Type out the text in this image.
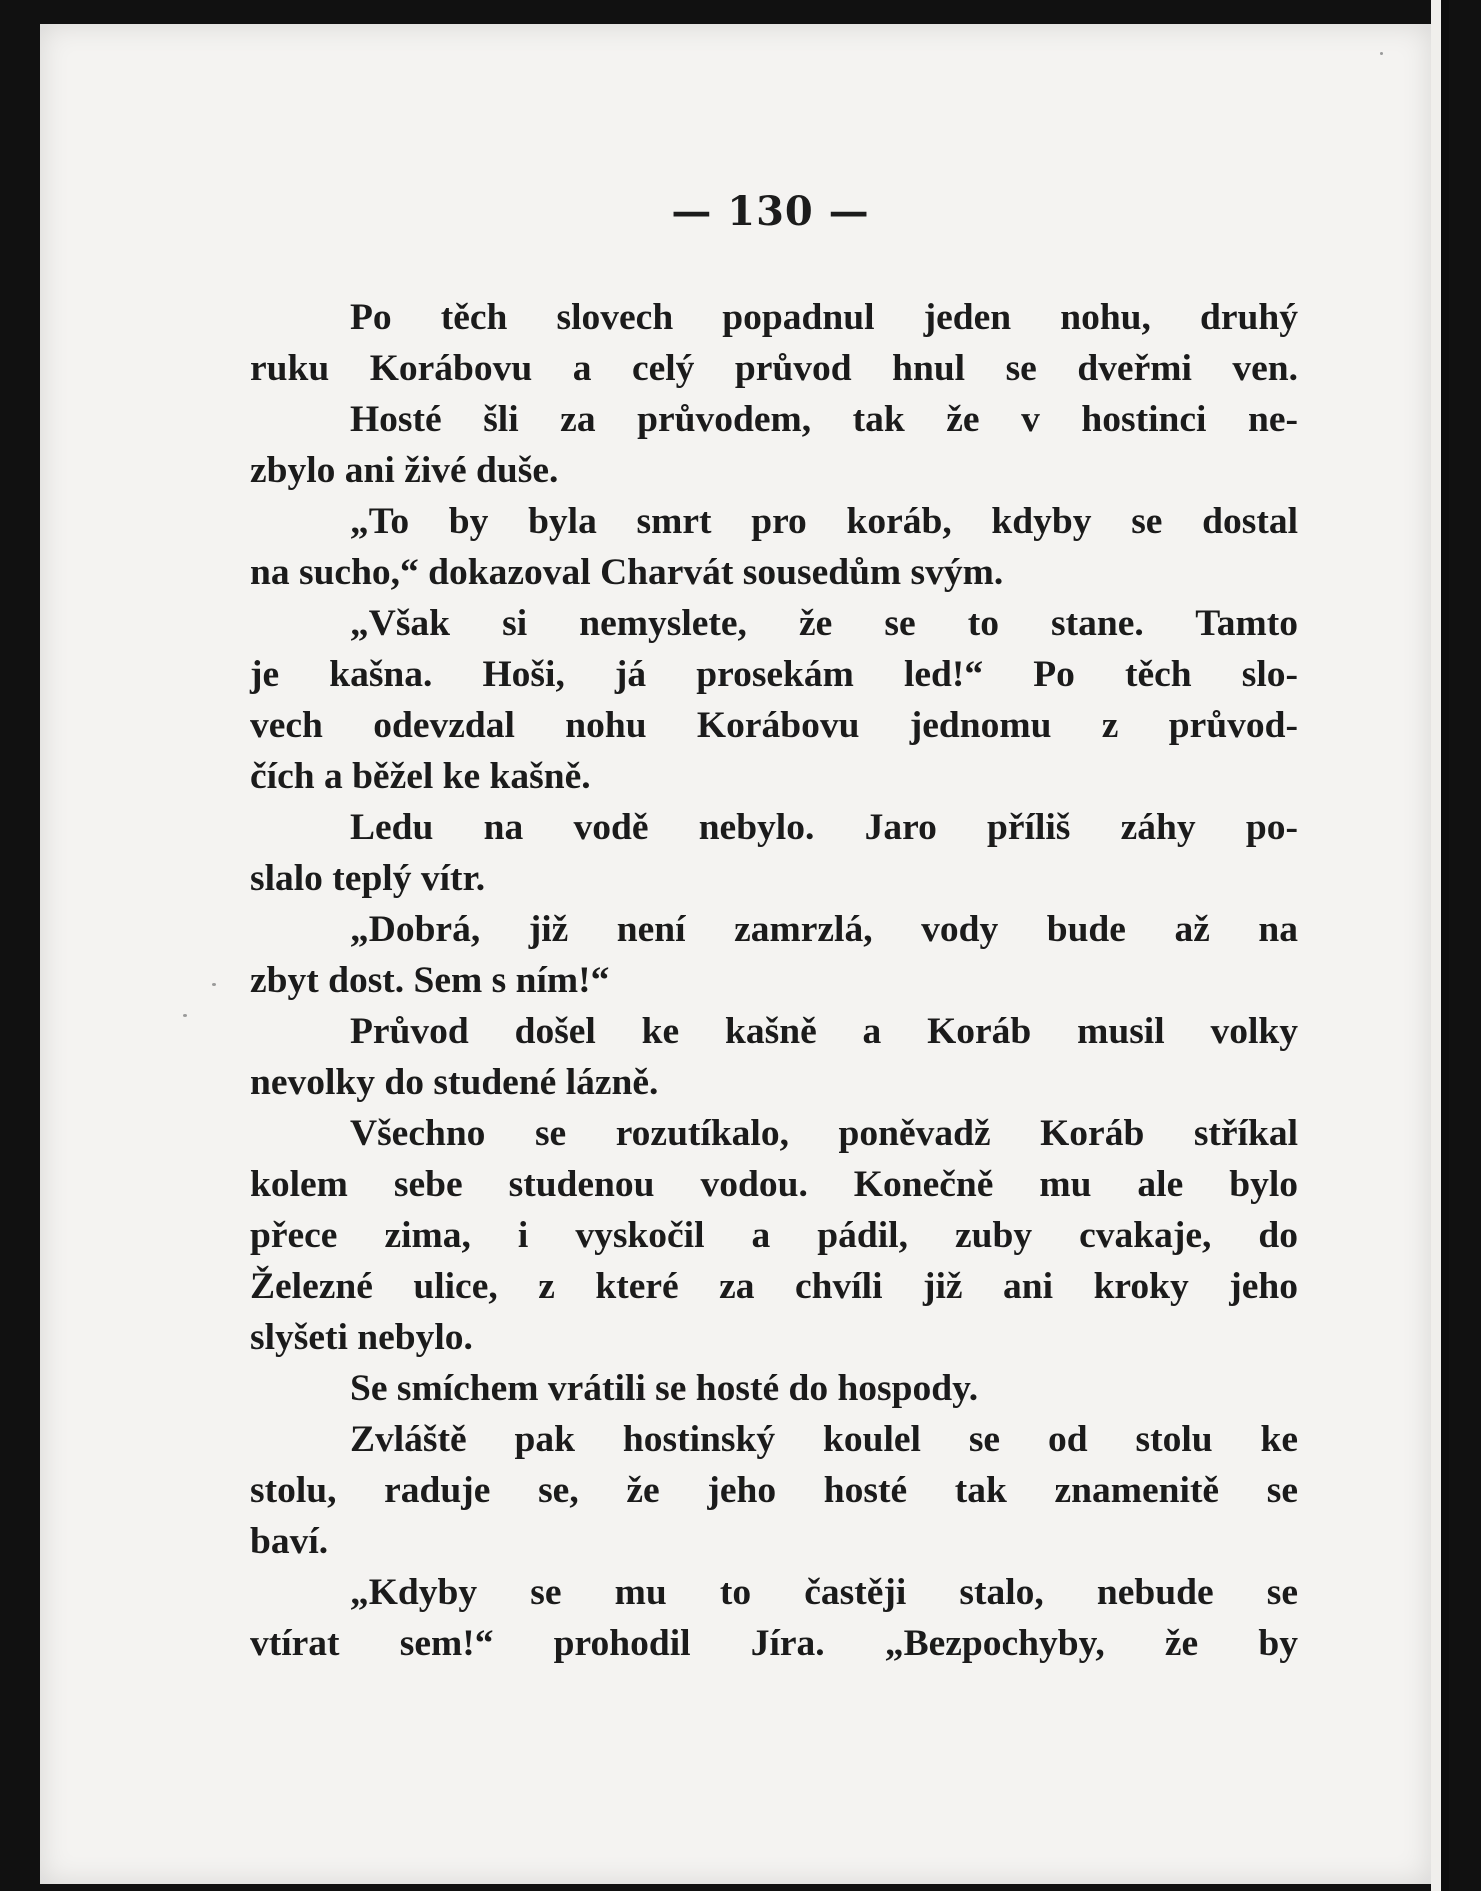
— 130 —
Po těch slovech popadnul jeden nohu, druhý
ruku Korábovu a celý průvod hnul se dveřmi ven.
Hosté šli za průvodem, tak že v hostinci ne-
zbylo ani živé duše.
„To by byla smrt pro koráb, kdyby se dostal
na sucho,“ dokazoval Charvát sousedům svým.
„Však si nemyslete, že se to stane. Tamto
je kašna. Hoši, já prosekám led!“ Po těch slo-
vech odevzdal nohu Korábovu jednomu z průvod-
čích a běžel ke kašně.
Ledu na vodě nebylo. Jaro příliš záhy po-
slalo teplý vítr.
„Dobrá, již není zamrzlá, vody bude až na
zbyt dost. Sem s ním!“
Průvod došel ke kašně a Koráb musil volky
nevolky do studené lázně.
Všechno se rozutíkalo, poněvadž Koráb stříkal
kolem sebe studenou vodou. Konečně mu ale bylo
přece zima, i vyskočil a pádil, zuby cvakaje, do
Železné ulice, z které za chvíli již ani kroky jeho
slyšeti nebylo.
Se smíchem vrátili se hosté do hospody.
Zvláště pak hostinský koulel se od stolu ke
stolu, raduje se, že jeho hosté tak znamenitě se
baví.
„Kdyby se mu to častěji stalo, nebude se
vtírat sem!“ prohodil Jíra. „Bezpochyby, že by
